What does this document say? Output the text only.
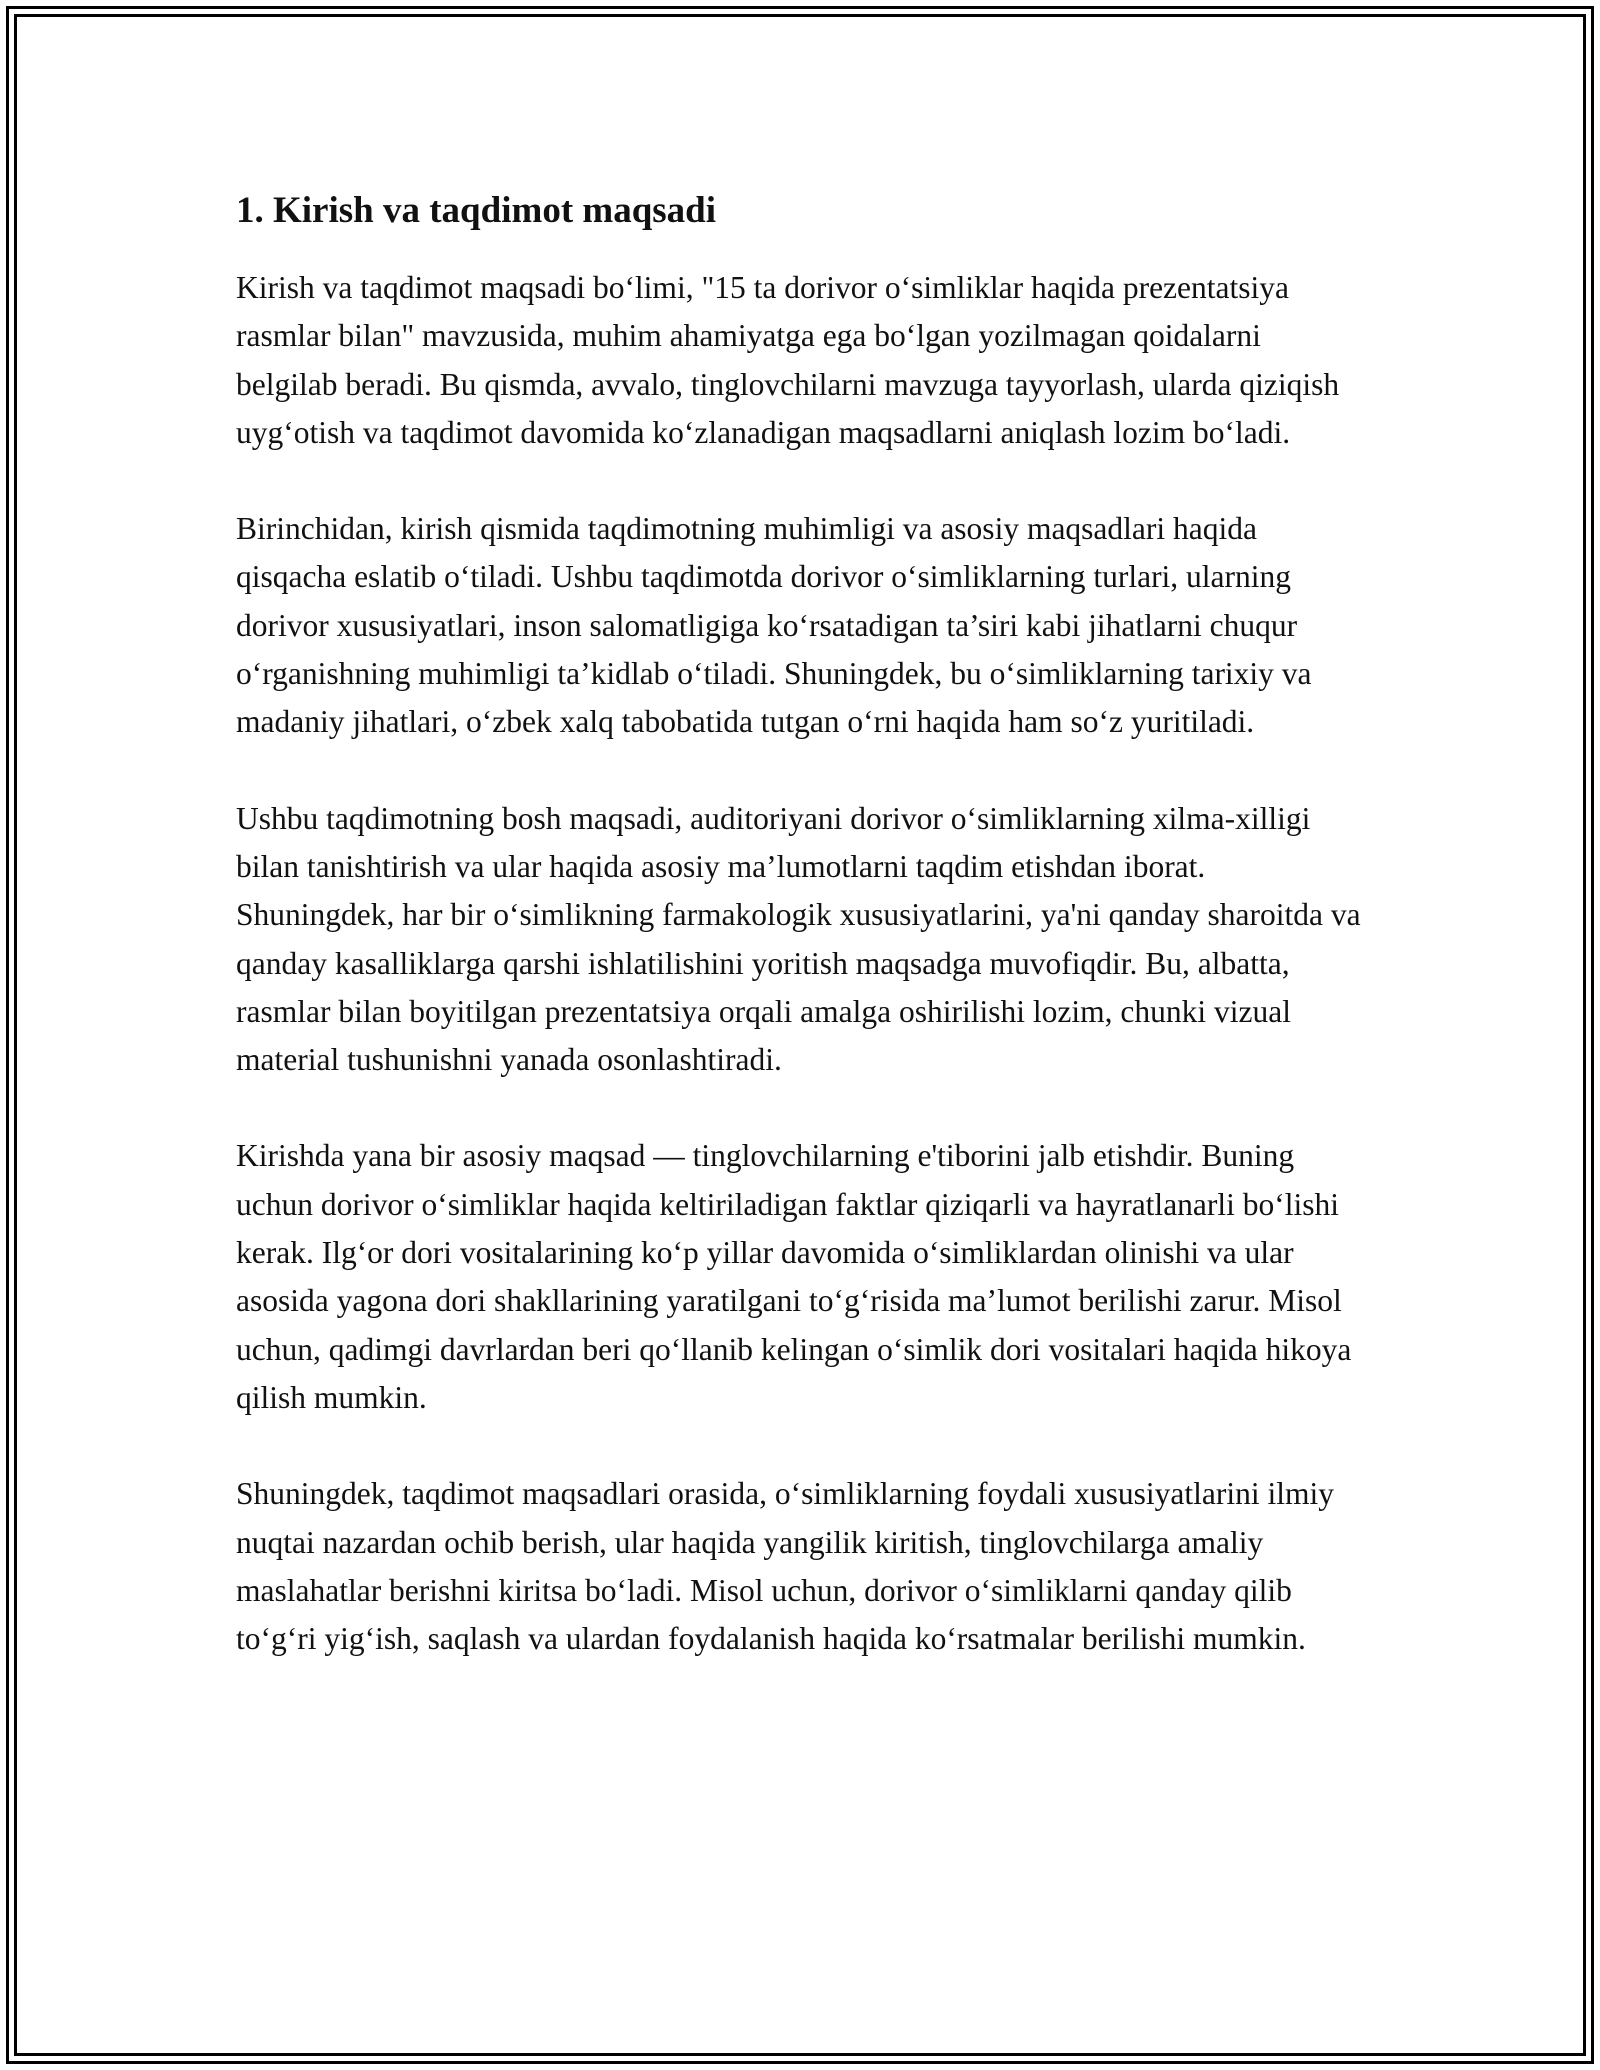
1. Kirish va taqdimot maqsadi

Kirish va taqdimot maqsadi bo‘limi, "15 ta dorivor o‘simliklar haqida prezentatsiya rasmlar bilan" mavzusida, muhim ahamiyatga ega bo‘lgan yozilmagan qoidalarni belgilab beradi. Bu qismda, avvalo, tinglovchilarni mavzuga tayyorlash, ularda qiziqish uyg‘otish va taqdimot davomida ko‘zlanadigan maqsadlarni aniqlash lozim bo‘ladi.

Birinchidan, kirish qismida taqdimotning muhimligi va asosiy maqsadlari haqida qisqacha eslatib o‘tiladi. Ushbu taqdimotda dorivor o‘simliklarning turlari, ularning dorivor xususiyatlari, inson salomatligiga ko‘rsatadigan ta’siri kabi jihatlarni chuqur o‘rganishning muhimligi ta’kidlab o‘tiladi. Shuningdek, bu o‘simliklarning tarixiy va madaniy jihatlari, o‘zbek xalq tabobatida tutgan o‘rni haqida ham so‘z yuritiladi.

Ushbu taqdimotning bosh maqsadi, auditoriyani dorivor o‘simliklarning xilma-xilligi bilan tanishtirish va ular haqida asosiy ma’lumotlarni taqdim etishdan iborat. Shuningdek, har bir o‘simlikning farmakologik xususiyatlarini, ya'ni qanday sharoitda va qanday kasalliklarga qarshi ishlatilishini yoritish maqsadga muvofiqdir. Bu, albatta, rasmlar bilan boyitilgan prezentatsiya orqali amalga oshirilishi lozim, chunki vizual material tushunishni yanada osonlashtiradi.

Kirishda yana bir asosiy maqsad — tinglovchilarning e'tiborini jalb etishdir. Buning uchun dorivor o‘simliklar haqida keltiriladigan faktlar qiziqarli va hayratlanarli bo‘lishi kerak. Ilg‘or dori vositalarining ko‘p yillar davomida o‘simliklardan olinishi va ular asosida yagona dori shakllarining yaratilgani to‘g‘risida ma’lumot berilishi zarur. Misol uchun, qadimgi davrlardan beri qo‘llanib kelingan o‘simlik dori vositalari haqida hikoya qilish mumkin.

Shuningdek, taqdimot maqsadlari orasida, o‘simliklarning foydali xususiyatlarini ilmiy nuqtai nazardan ochib berish, ular haqida yangilik kiritish, tinglovchilarga amaliy maslahatlar berishni kiritsa bo‘ladi. Misol uchun, dorivor o‘simliklarni qanday qilib to‘g‘ri yig‘ish, saqlash va ulardan foydalanish haqida ko‘rsatmalar berilishi mumkin.
